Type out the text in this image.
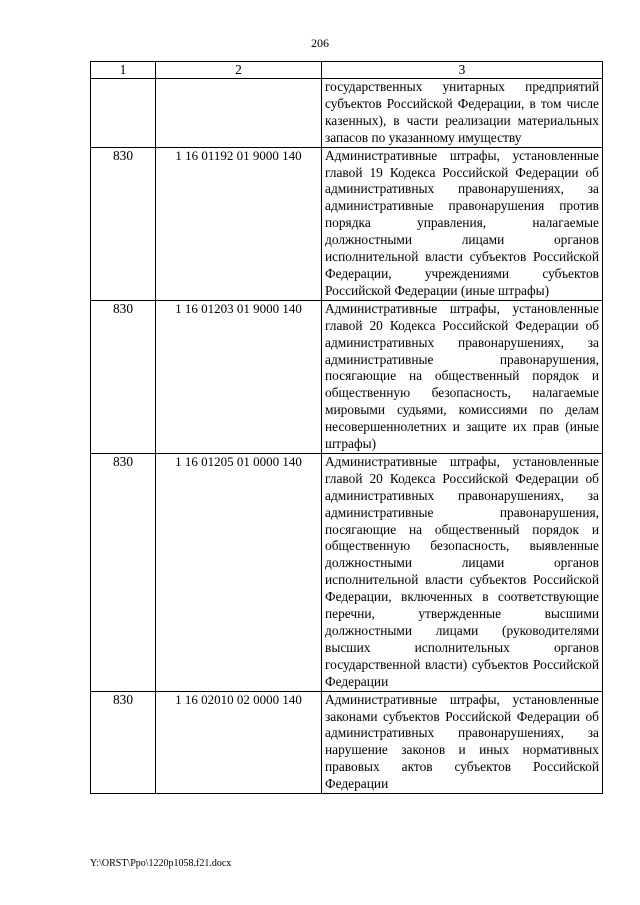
206
1	2	3
		государственных унитарных предприятий субъектов Российской Федерации, в том числе казенных), в части реализации материальных запасов по указанному имуществу
830	1 16 01192 01 9000 140	Административные штрафы, установленные главой 19 Кодекса Российской Федерации об административных правонарушениях, за административные правонарушения против порядка управления, налагаемые должностными лицами органов исполнительной власти субъектов Российской Федерации, учреждениями субъектов Российской Федерации (иные штрафы)
830	1 16 01203 01 9000 140	Административные штрафы, установленные главой 20 Кодекса Российской Федерации об административных правонарушениях, за административные правонарушения, посягающие на общественный порядок и общественную безопасность, налагаемые мировыми судьями, комиссиями по делам несовершеннолетних и защите их прав (иные штрафы)
830	1 16 01205 01 0000 140	Административные штрафы, установленные главой 20 Кодекса Российской Федерации об административных правонарушениях, за административные правонарушения, посягающие на общественный порядок и общественную безопасность, выявленные должностными лицами органов исполнительной власти субъектов Российской Федерации, включенных в соответствующие перечни, утвержденные высшими должностными лицами (руководителями высших исполнительных органов государственной власти) субъектов Российской Федерации
830	1 16 02010 02 0000 140	Административные штрафы, установленные законами субъектов Российской Федерации об административных правонарушениях, за нарушение законов и иных нормативных правовых актов субъектов Российской Федерации
Y:\ORST\Ppo\1220p1058.f21.docx
